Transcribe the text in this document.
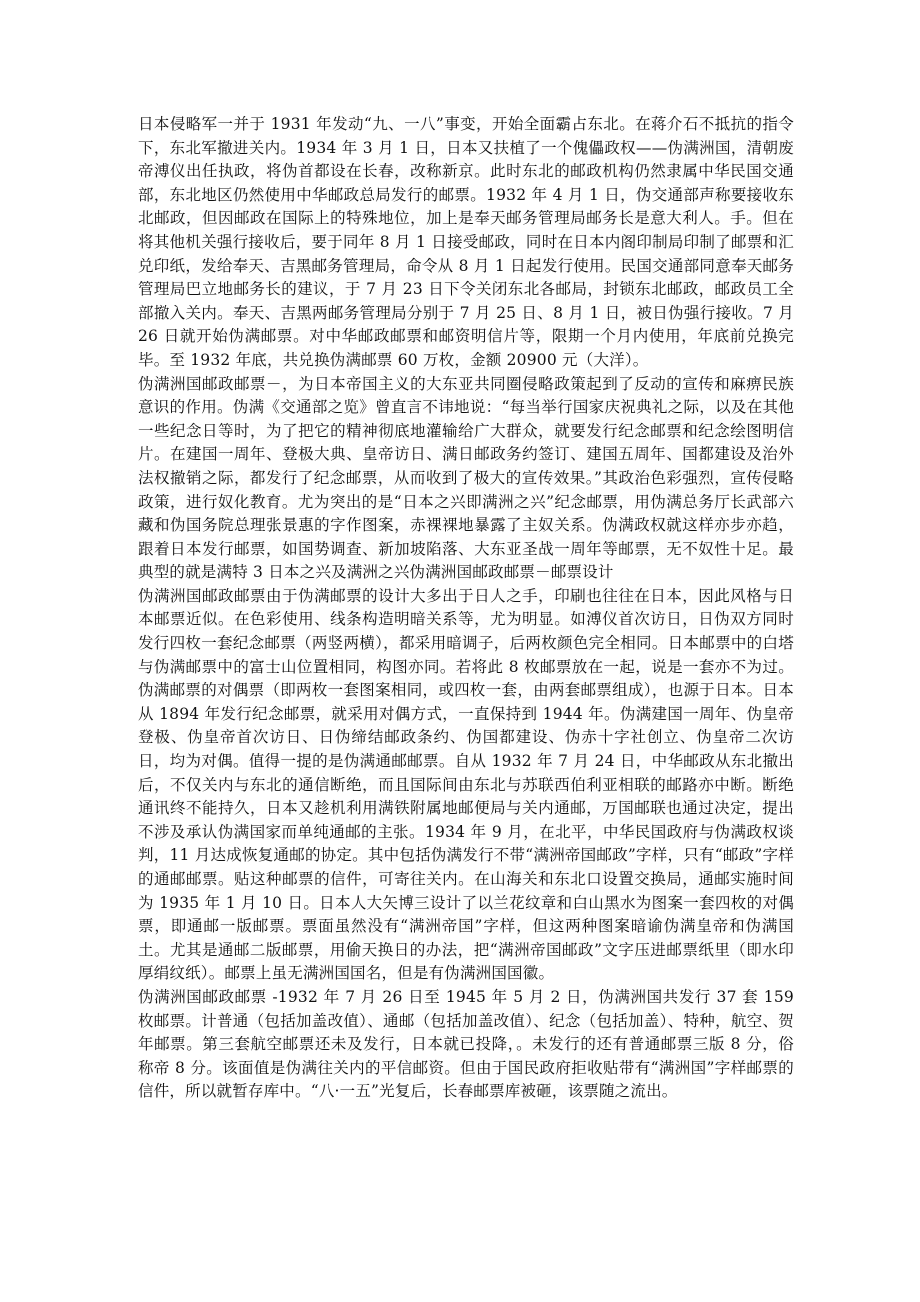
日本侵略军一并于 1931 年发动“九、一八”事变，开始全面霸占东北。在蒋介石不抵抗的指令下，东北军撤进关内。1934 年 3 月 1 日，日本又扶植了一个傀儡政权——伪满洲国，清朝废帝溥仪出任执政，将伪首都设在长春，改称新京。此时东北的邮政机构仍然隶属中华民国交通部，东北地区仍然使用中华邮政总局发行的邮票。1932 年 4 月 1 日，伪交通部声称要接收东北邮政，但因邮政在国际上的特殊地位，加上是奉天邮务管理局邮务长是意大利人。手。但在将其他机关强行接收后，要于同年 8 月 1 日接受邮政，同时在日本内阁印制局印制了邮票和汇兑印纸，发给奉天、吉黑邮务管理局，命令从 8 月 1 日起发行使用。民国交通部同意奉天邮务管理局巴立地邮务长的建议，于 7 月 23 日下令关闭东北各邮局，封锁东北邮政，邮政员工全部撤入关内。奉天、吉黑两邮务管理局分别于 7 月 25 日、8 月 1 日，被日伪强行接收。7 月 26 日就开始伪满邮票。对中华邮政邮票和邮资明信片等，限期一个月内使用，年底前兑换完毕。至 1932 年底，共兑换伪满邮票 60 万枚，金额 20900 元（大洋）。

伪满洲国邮政邮票－，为日本帝国主义的大东亚共同圈侵略政策起到了反动的宣传和麻痹民族意识的作用。伪满《交通部之览》曾直言不讳地说：“每当举行国家庆祝典礼之际，以及在其他一些纪念日等时，为了把它的精神彻底地灌输给广大群众，就要发行纪念邮票和纪念绘图明信片。在建国一周年、登极大典、皇帝访日、满日邮政务约签订、建国五周年、国都建设及治外法权撤销之际，都发行了纪念邮票，从而收到了极大的宣传效果。”其政治色彩强烈，宣传侵略政策，进行奴化教育。尤为突出的是“日本之兴即满洲之兴”纪念邮票，用伪满总务厅长武部六藏和伪国务院总理张景惠的字作图案，赤裸裸地暴露了主奴关系。伪满政权就这样亦步亦趋，跟着日本发行邮票，如国势调查、新加坡陷落、大东亚圣战一周年等邮票，无不奴性十足。最典型的就是满特 3 日本之兴及满洲之兴伪满洲国邮政邮票－邮票设计

伪满洲国邮政邮票由于伪满邮票的设计大多出于日人之手，印刷也往往在日本，因此风格与日本邮票近似。在色彩使用、线条构造明暗关系等，尤为明显。如溥仪首次访日，日伪双方同时发行四枚一套纪念邮票（两竖两横），都采用暗调子，后两枚颜色完全相同。日本邮票中的白塔与伪满邮票中的富士山位置相同，构图亦同。若将此 8 枚邮票放在一起，说是一套亦不为过。伪满邮票的对偶票（即两枚一套图案相同，或四枚一套，由两套邮票组成），也源于日本。日本从 1894 年发行纪念邮票，就采用对偶方式，一直保持到 1944 年。伪满建国一周年、伪皇帝登极、伪皇帝首次访日、日伪缔结邮政条约、伪国都建设、伪赤十字社创立、伪皇帝二次访日，均为对偶。值得一提的是伪满通邮邮票。自从 1932 年 7 月 24 日，中华邮政从东北撤出后，不仅关内与东北的通信断绝，而且国际间由东北与苏联西伯利亚相联的邮路亦中断。断绝通讯终不能持久，日本又趁机利用满铁附属地邮便局与关内通邮，万国邮联也通过决定，提出不涉及承认伪满国家而单纯通邮的主张。1934 年 9 月，在北平，中华民国政府与伪满政权谈判，11 月达成恢复通邮的协定。其中包括伪满发行不带“满洲帝国邮政”字样，只有“邮政”字样的通邮邮票。贴这种邮票的信件，可寄往关内。在山海关和东北口设置交换局，通邮实施时间为 1935 年 1 月 10 日。日本人大矢博三设计了以兰花纹章和白山黑水为图案一套四枚的对偶票，即通邮一版邮票。票面虽然没有“满洲帝国”字样，但这两种图案暗谕伪满皇帝和伪满国土。尤其是通邮二版邮票，用偷天换日的办法，把“满洲帝国邮政”文字压进邮票纸里（即水印厚绢纹纸）。邮票上虽无满洲国国名，但是有伪满洲国国徽。

伪满洲国邮政邮票 -1932 年 7 月 26 日至 1945 年 5 月 2 日，伪满洲国共发行 37 套 159 枚邮票。计普通（包括加盖改值）、通邮（包括加盖改值）、纪念（包括加盖）、特种，航空、贺年邮票。第三套航空邮票还未及发行，日本就已投降，。未发行的还有普通邮票三版 8 分，俗称帝 8 分。该面值是伪满往关内的平信邮资。但由于国民政府拒收贴带有“满洲国”字样邮票的信件，所以就暂存库中。“八·一五”光复后，长春邮票库被砸，该票随之流出。
